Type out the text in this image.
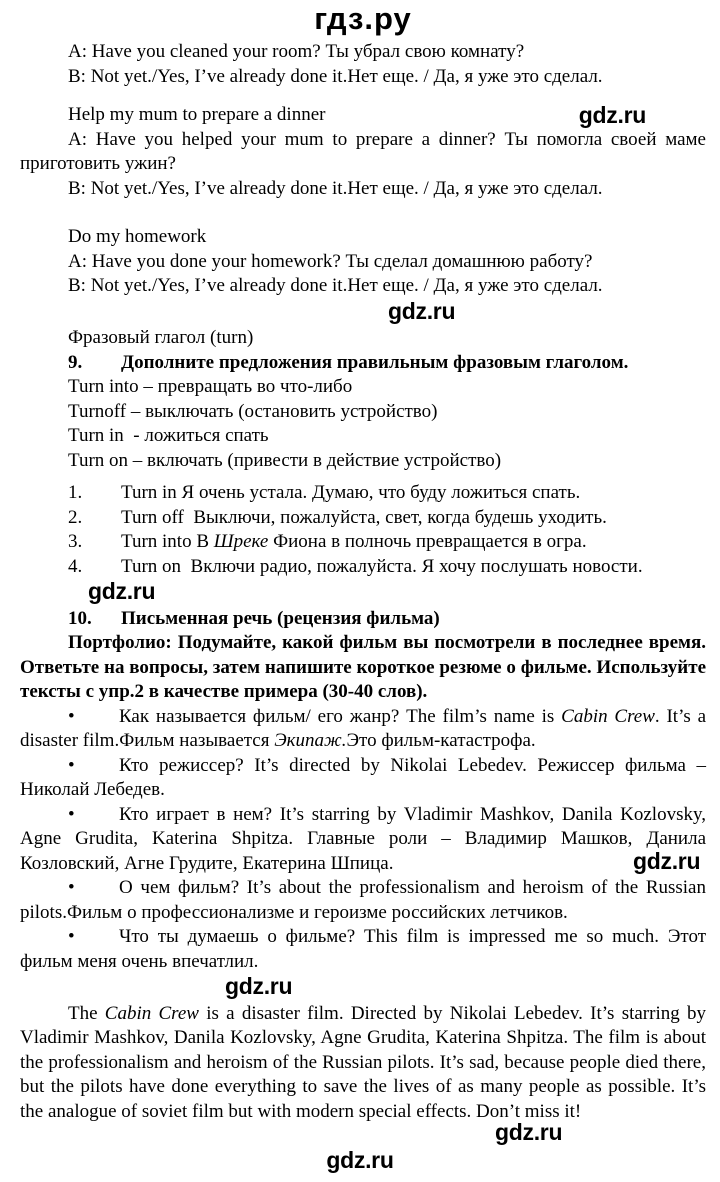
гдз.ру

A: Have you cleaned your room? Ты убрал свою комнату?

B: Not yet./Yes, I’ve already done it.Нет еще. / Да, я уже это сделал.

Help my mum to prepare a dinner	gdz.ru

A: Have you helped your mum to prepare a dinner? Ты помогла своей маме приготовить ужин?

B: Not yet./Yes, I’ve already done it.Нет еще. / Да, я уже это сделал.

Do my homework

A: Have you done your homework? Ты сделал домашнюю работу?

B: Not yet./Yes, I’ve already done it.Нет еще. / Да, я уже это сделал.

gdz.ru

Фразовый глагол (turn)

9. Дополните предложения правильным фразовым глаголом.

Turn into – превращать во что-либо

Turnoff – выключать (остановить устройство)

Turn in - ложиться спать

Turn on – включать (привести в действие устройство)

1. Turn in Я очень устала. Думаю, что буду ложиться спать.

2. Turn off Выключи, пожалуйста, свет, когда будешь уходить.

3. Turn into В Шреке Фиона в полночь превращается в огра.

4. Turn on Включи радио, пожалуйста. Я хочу послушать новости.

gdz.ru

10. Письменная речь (рецензия фильма)

Портфолио: Подумайте, какой фильм вы посмотрели в последнее время. Ответьте на вопросы, затем напишите короткое резюме о фильме. Используйте тексты с упр.2 в качестве примера (30-40 слов).

• Как называется фильм/ его жанр? The film’s name is Cabin Crew. It’s a disaster film.Фильм называется Экипаж.Это фильм-катастрофа.

• Кто режиссер? It’s directed by Nikolai Lebedev. Режиссер фильма – Николай Лебедев.

• Кто играет в нем? It’s starring by Vladimir Mashkov, Danila Kozlovsky, Agne Grudita, Katerina Shpitza. Главные роли – Владимир Машков, Данила Козловский, Агне Грудите, Екатерина Шпица.	gdz.ru

• О чем фильм? It’s about the professionalism and heroism of the Russian pilots.Фильм о профессионализме и героизме российских летчиков.

• Что ты думаешь о фильме? This film is impressed me so much. Этот фильм меня очень впечатлил.

gdz.ru

The Cabin Crew is a disaster film. Directed by Nikolai Lebedev. It’s starring by Vladimir Mashkov, Danila Kozlovsky, Agne Grudita, Katerina Shpitza. The film is about the professionalism and heroism of the Russian pilots. It’s sad, because people died there, but the pilots have done everything to save the lives of as many people as possible. It’s the analogue of soviet film but with modern special effects. Don’t miss it!
gdz.ru

gdz.ru
